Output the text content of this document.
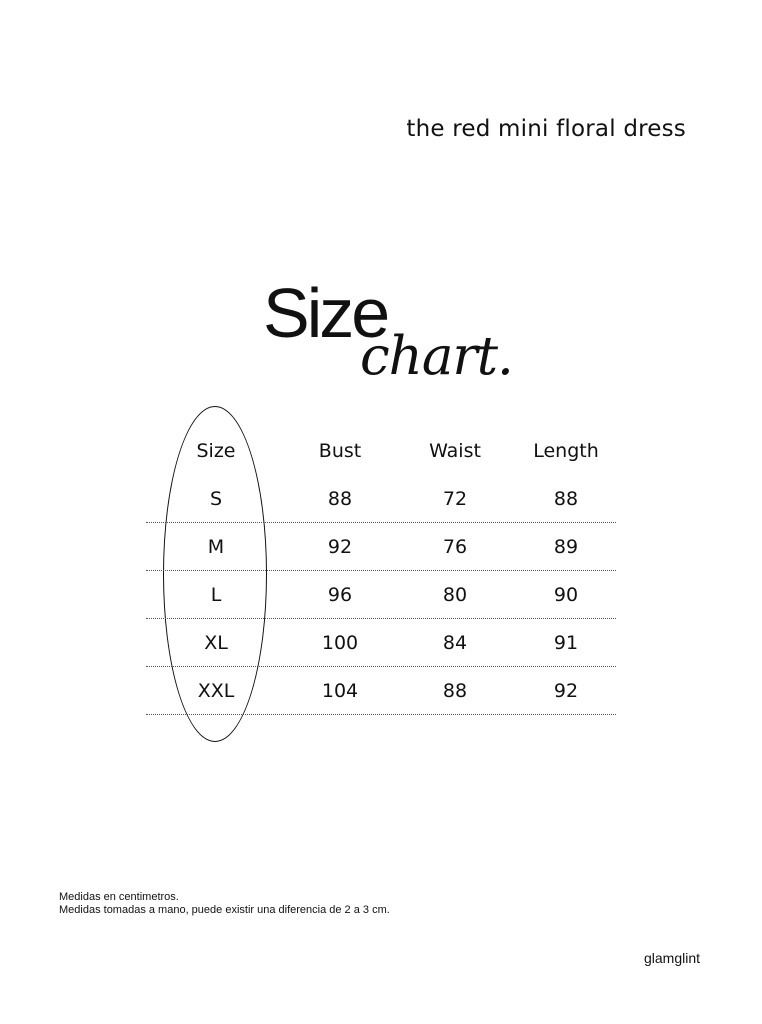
the red mini floral dress
Size
chart.
Size	Bust	Waist	Length
S	88	72	88
M	92	76	89
L	96	80	90
XL	100	84	91
XXL	104	88	92
Medidas en centimetros.
Medidas tomadas a mano, puede existir una diferencia de 2 a 3 cm.
glamglint
